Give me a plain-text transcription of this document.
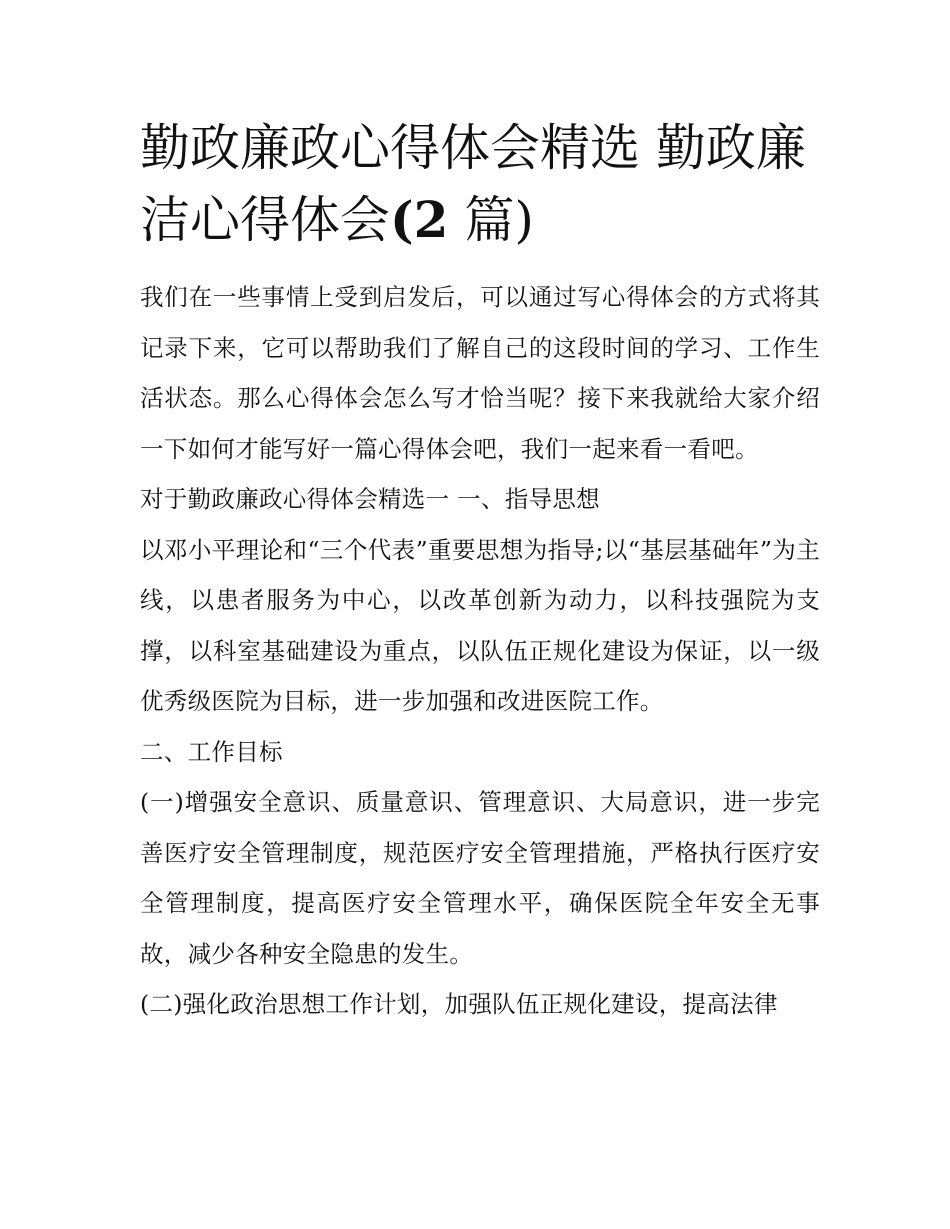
勤政廉政心得体会精选 勤政廉洁心得体会(2 篇)

我们在一些事情上受到启发后，可以通过写心得体会的方式将其记录下来，它可以帮助我们了解自己的这段时间的学习、工作生活状态。那么心得体会怎么写才恰当呢？接下来我就给大家介绍一下如何才能写好一篇心得体会吧，我们一起来看一看吧。

对于勤政廉政心得体会精选一 一、指导思想

以邓小平理论和“三个代表”重要思想为指导;以“基层基础年”为主线，以患者服务为中心，以改革创新为动力，以科技强院为支撑，以科室基础建设为重点，以队伍正规化建设为保证，以一级优秀级医院为目标，进一步加强和改进医院工作。

二、工作目标

(一)增强安全意识、质量意识、管理意识、大局意识，进一步完善医疗安全管理制度，规范医疗安全管理措施，严格执行医疗安全管理制度，提高医疗安全管理水平，确保医院全年安全无事故，减少各种安全隐患的发生。

(二)强化政治思想工作计划，加强队伍正规化建设，提高法律
